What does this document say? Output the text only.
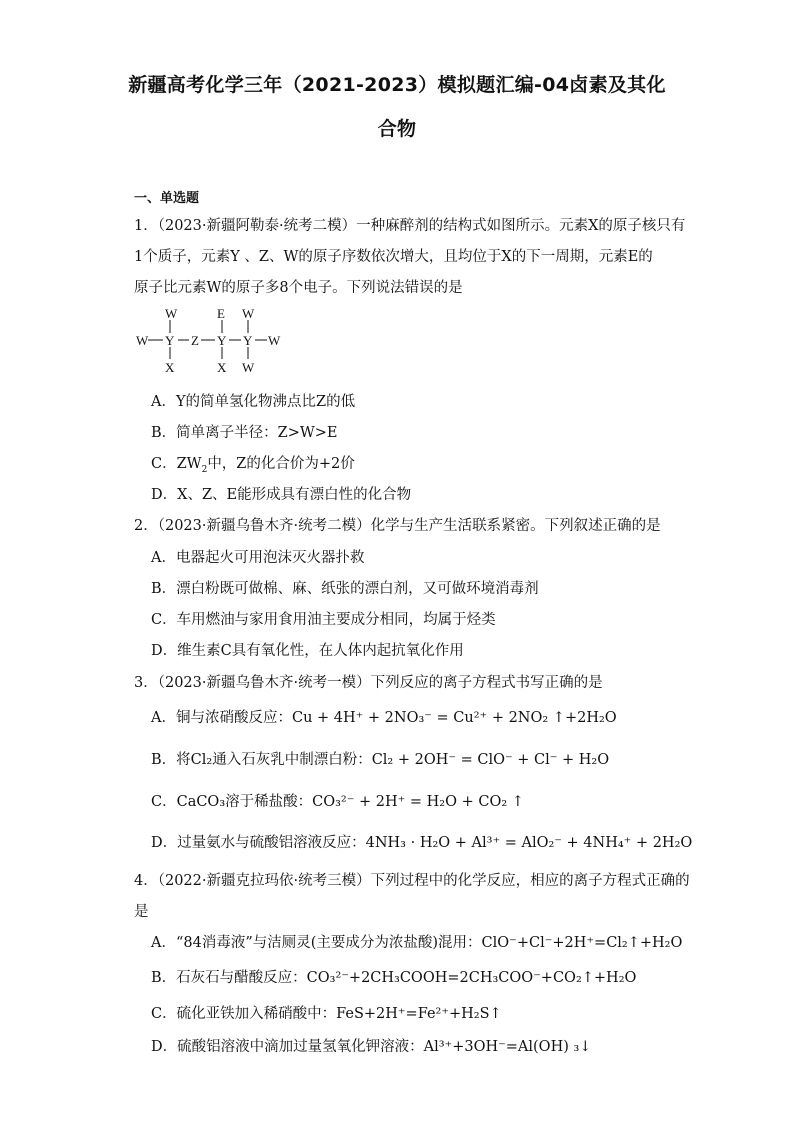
新疆高考化学三年（2021-2023）模拟题汇编-04卤素及其化
合物
一、单选题
1．（2023·新疆阿勒泰·统考二模）一种麻醉剂的结构式如图所示。元素X的原子核只有
1个质子，元素Y 、Z、W的原子序数依次增大，且均位于X的下一周期，元素E的
原子比元素W的原子多8个电子。下列说法错误的是
W
W Y Z Y Y W
X
E W
X W
A．Y的简单氢化物沸点比Z的低
B．简单离子半径：Z>W>E
C．$ZW_2$中，Z的化合价为+2价
D．X、Z、E能形成具有漂白性的化合物
2．（2023·新疆乌鲁木齐·统考二模）化学与生产生活联系紧密。下列叙述正确的是
A．电器起火可用泡沫灭火器扑救
B．漂白粉既可做棉、麻、纸张的漂白剂，又可做环境消毒剂
C．车用燃油与家用食用油主要成分相同，均属于烃类
D．维生素C具有氧化性，在人体内起抗氧化作用
3．（2023·新疆乌鲁木齐·统考一模）下列反应的离子方程式书写正确的是
A．铜与浓硝酸反应：Cu + 4H⁺ + 2NO₃⁻ = Cu²⁺ + 2NO₂ ↑+2H₂O
B．将Cl₂通入石灰乳中制漂白粉：Cl₂ + 2OH⁻ = ClO⁻ + Cl⁻ + H₂O
C．CaCO₃溶于稀盐酸：CO₃²⁻ + 2H⁺ = H₂O + CO₂ ↑
D．过量氨水与硫酸铝溶液反应：4NH₃ · H₂O + Al³⁺ = AlO₂⁻ + 4NH₄⁺ + 2H₂O
4．（2022·新疆克拉玛依·统考三模）下列过程中的化学反应，相应的离子方程式正确的
是
A．“84消毒液”与洁厕灵(主要成分为浓盐酸)混用：ClO⁻+Cl⁻+2H⁺=Cl₂↑+H₂O
B．石灰石与醋酸反应：CO₃²⁻+2CH₃COOH=2CH₃COO⁻+CO₂↑+H₂O
C．硫化亚铁加入稀硝酸中：FeS+2H⁺=Fe²⁺+H₂S↑
D．硫酸铝溶液中滴加过量氢氧化钾溶液：Al³⁺+3OH⁻=Al(OH) ₃↓
